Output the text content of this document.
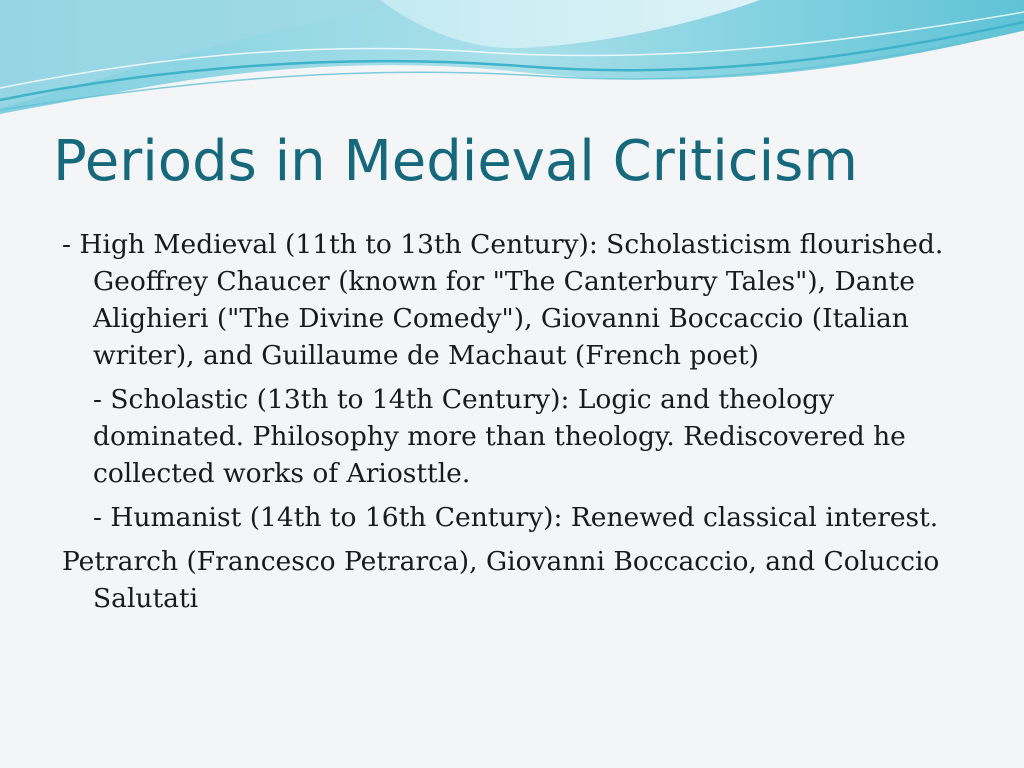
Periods in Medieval Criticism

- High Medieval (11th to 13th Century): Scholasticism flourished. Geoffrey Chaucer (known for "The Canterbury Tales"), Dante Alighieri ("The Divine Comedy"), Giovanni Boccaccio (Italian writer), and Guillaume de Machaut (French poet)

- Scholastic (13th to 14th Century): Logic and theology dominated. Philosophy more than theology. Rediscovered he collected works of Ariosttle.

- Humanist (14th to 16th Century): Renewed classical interest.

Petrarch (Francesco Petrarca), Giovanni Boccaccio, and Coluccio Salutati
